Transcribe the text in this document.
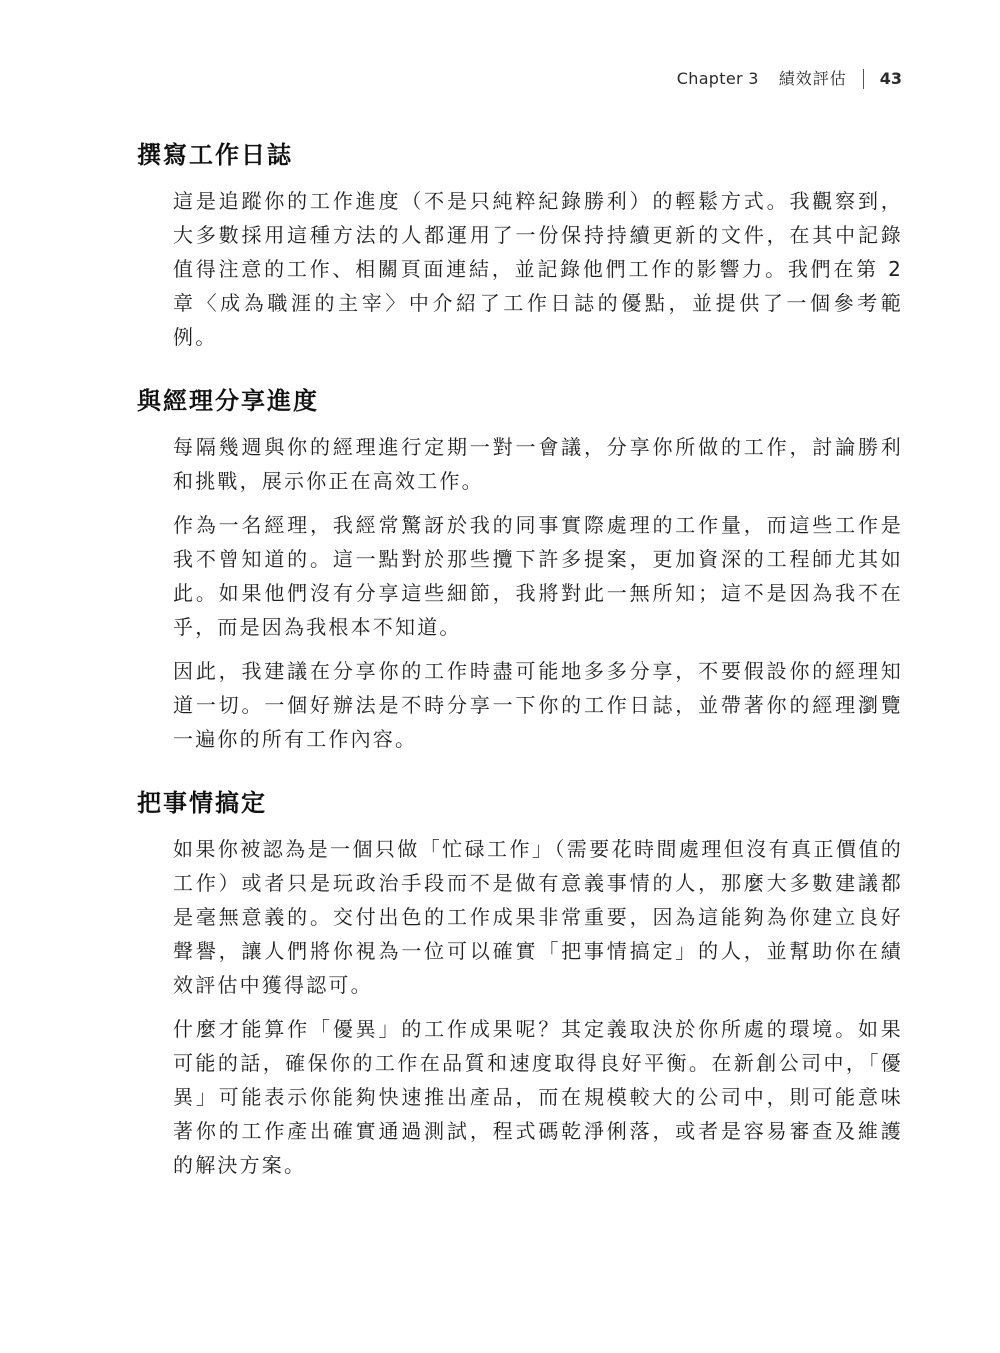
Chapter 3 績效評估 43
撰寫工作日誌

這是追蹤你的工作進度（不是只純粹紀錄勝利）的輕鬆方式。我觀察到，大多數採用這種方法的人都運用了一份保持持續更新的文件，在其中記錄值得注意的工作、相關頁面連結，並記錄他們工作的影響力。我們在第 2 章〈成為職涯的主宰〉中介紹了工作日誌的優點，並提供了一個參考範例。

與經理分享進度

每隔幾週與你的經理進行定期一對一會議，分享你所做的工作，討論勝利和挑戰，展示你正在高效工作。

作為一名經理，我經常驚訝於我的同事實際處理的工作量，而這些工作是我不曾知道的。這一點對於那些攬下許多提案，更加資深的工程師尤其如此。如果他們沒有分享這些細節，我將對此一無所知；這不是因為我不在乎，而是因為我根本不知道。

因此，我建議在分享你的工作時盡可能地多多分享，不要假設你的經理知道一切。一個好辦法是不時分享一下你的工作日誌，並帶著你的經理瀏覽一遍你的所有工作內容。

把事情搞定

如果你被認為是一個只做「忙碌工作」（需要花時間處理但沒有真正價值的工作）或者只是玩政治手段而不是做有意義事情的人，那麼大多數建議都是毫無意義的。交付出色的工作成果非常重要，因為這能夠為你建立良好聲譽，讓人們將你視為一位可以確實「把事情搞定」的人，並幫助你在績效評估中獲得認可。

什麼才能算作「優異」的工作成果呢？其定義取決於你所處的環境。如果可能的話，確保你的工作在品質和速度取得良好平衡。在新創公司中，「優異」可能表示你能夠快速推出產品，而在規模較大的公司中，則可能意味著你的工作產出確實通過測試，程式碼乾淨俐落，或者是容易審查及維護的解決方案。
